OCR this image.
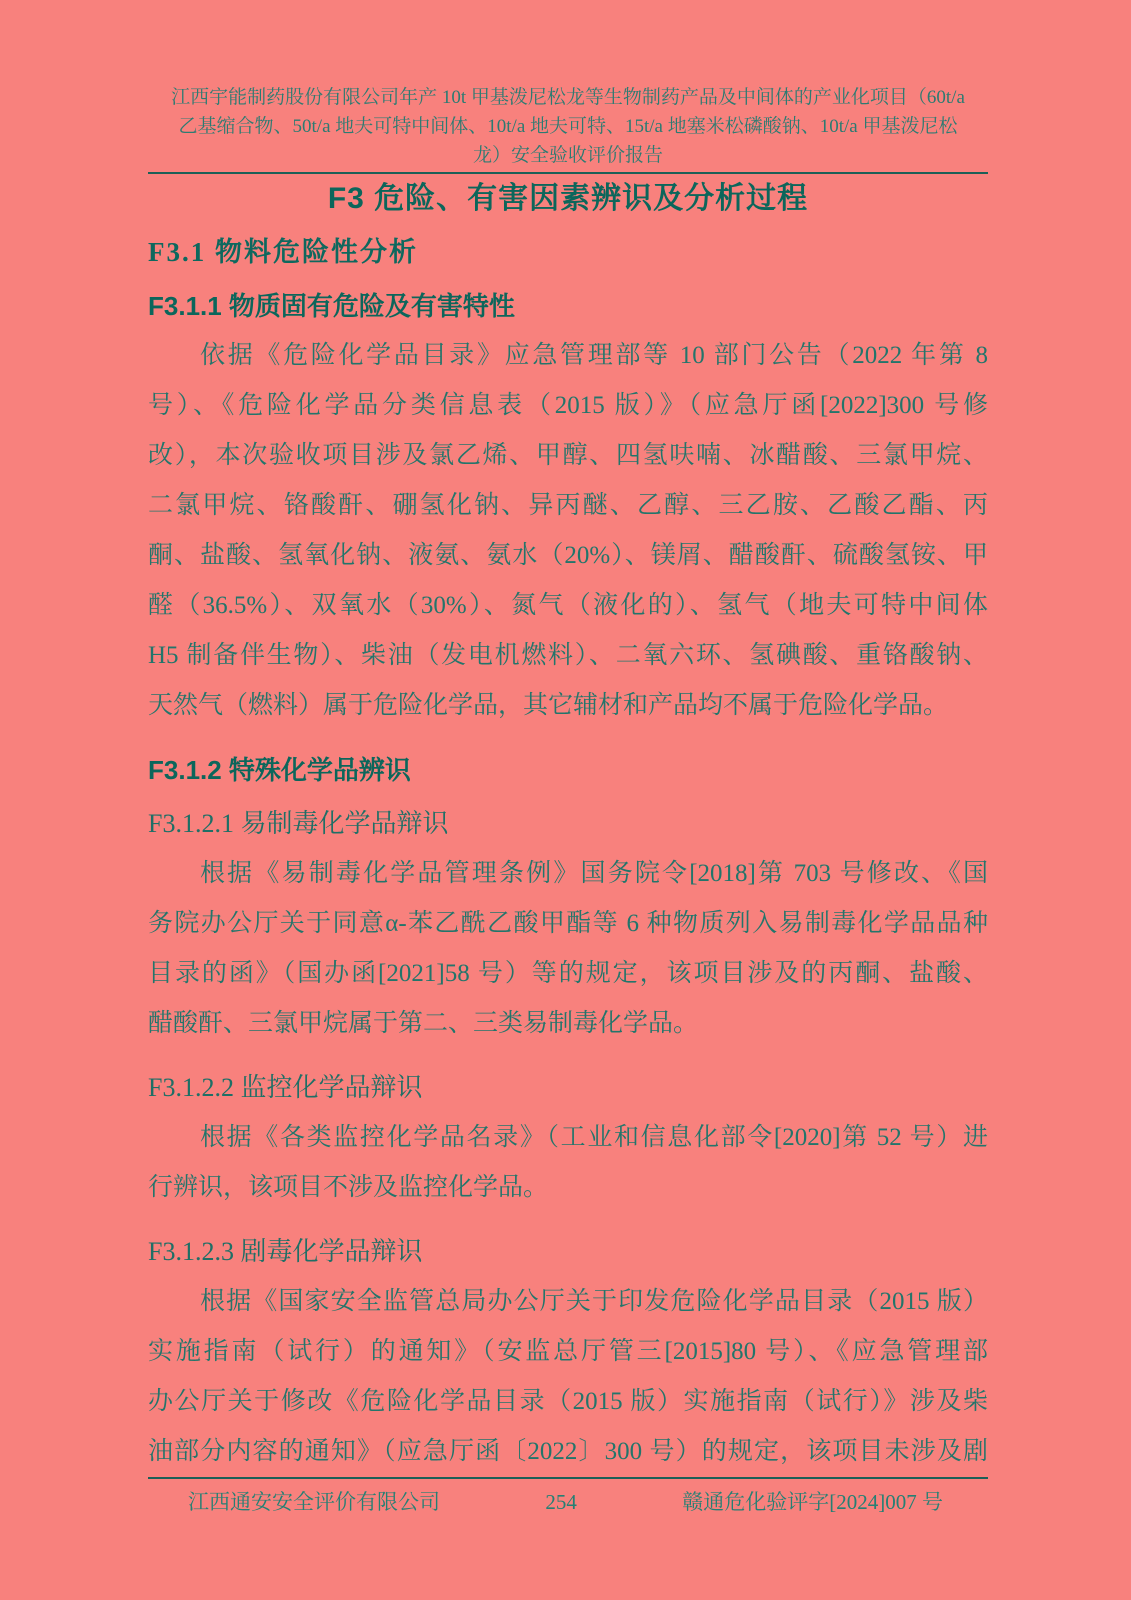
江西宇能制药股份有限公司年产 10t 甲基泼尼松龙等生物制药产品及中间体的产业化项目（60t/a
乙基缩合物、50t/a 地夫可特中间体、10t/a 地夫可特、15t/a 地塞米松磷酸钠、10t/a 甲基泼尼松
龙）安全验收评价报告
F3 危险、有害因素辨识及分析过程
F3.1 物料危险性分析
F3.1.1 物质固有危险及有害特性
依据《危险化学品目录》应急管理部等 10 部门公告（2022 年第 8
号）、《危险化学品分类信息表（2015 版）》（应急厅函[2022]300 号修
改），本次验收项目涉及氯乙烯、甲醇、四氢呋喃、冰醋酸、三氯甲烷、
二氯甲烷、铬酸酐、硼氢化钠、异丙醚、乙醇、三乙胺、乙酸乙酯、丙
酮、盐酸、氢氧化钠、液氨、氨水（20%）、镁屑、醋酸酐、硫酸氢铵、甲
醛（36.5%）、双氧水（30%）、氮气（液化的）、氢气（地夫可特中间体
H5 制备伴生物）、柴油（发电机燃料）、二氧六环、氢碘酸、重铬酸钠、
天然气（燃料）属于危险化学品，其它辅材和产品均不属于危险化学品。
F3.1.2 特殊化学品辨识
F3.1.2.1 易制毒化学品辩识
根据《易制毒化学品管理条例》国务院令[2018]第 703 号修改、《国
务院办公厅关于同意α-苯乙酰乙酸甲酯等 6 种物质列入易制毒化学品品种
目录的函》（国办函[2021]58 号）等的规定，该项目涉及的丙酮、盐酸、
醋酸酐、三氯甲烷属于第二、三类易制毒化学品。
F3.1.2.2 监控化学品辩识
根据《各类监控化学品名录》（工业和信息化部令[2020]第 52 号）进
行辨识，该项目不涉及监控化学品。
F3.1.2.3 剧毒化学品辩识
根据《国家安全监管总局办公厅关于印发危险化学品目录（2015 版）
实施指南（试行）的通知》（安监总厅管三[2015]80 号）、《应急管理部
办公厅关于修改《危险化学品目录（2015 版）实施指南（试行）》涉及柴
油部分内容的通知》（应急厅函〔2022〕300 号）的规定，该项目未涉及剧
江西通安安全评价有限公司	254	赣通危化验评字[2024]007 号
